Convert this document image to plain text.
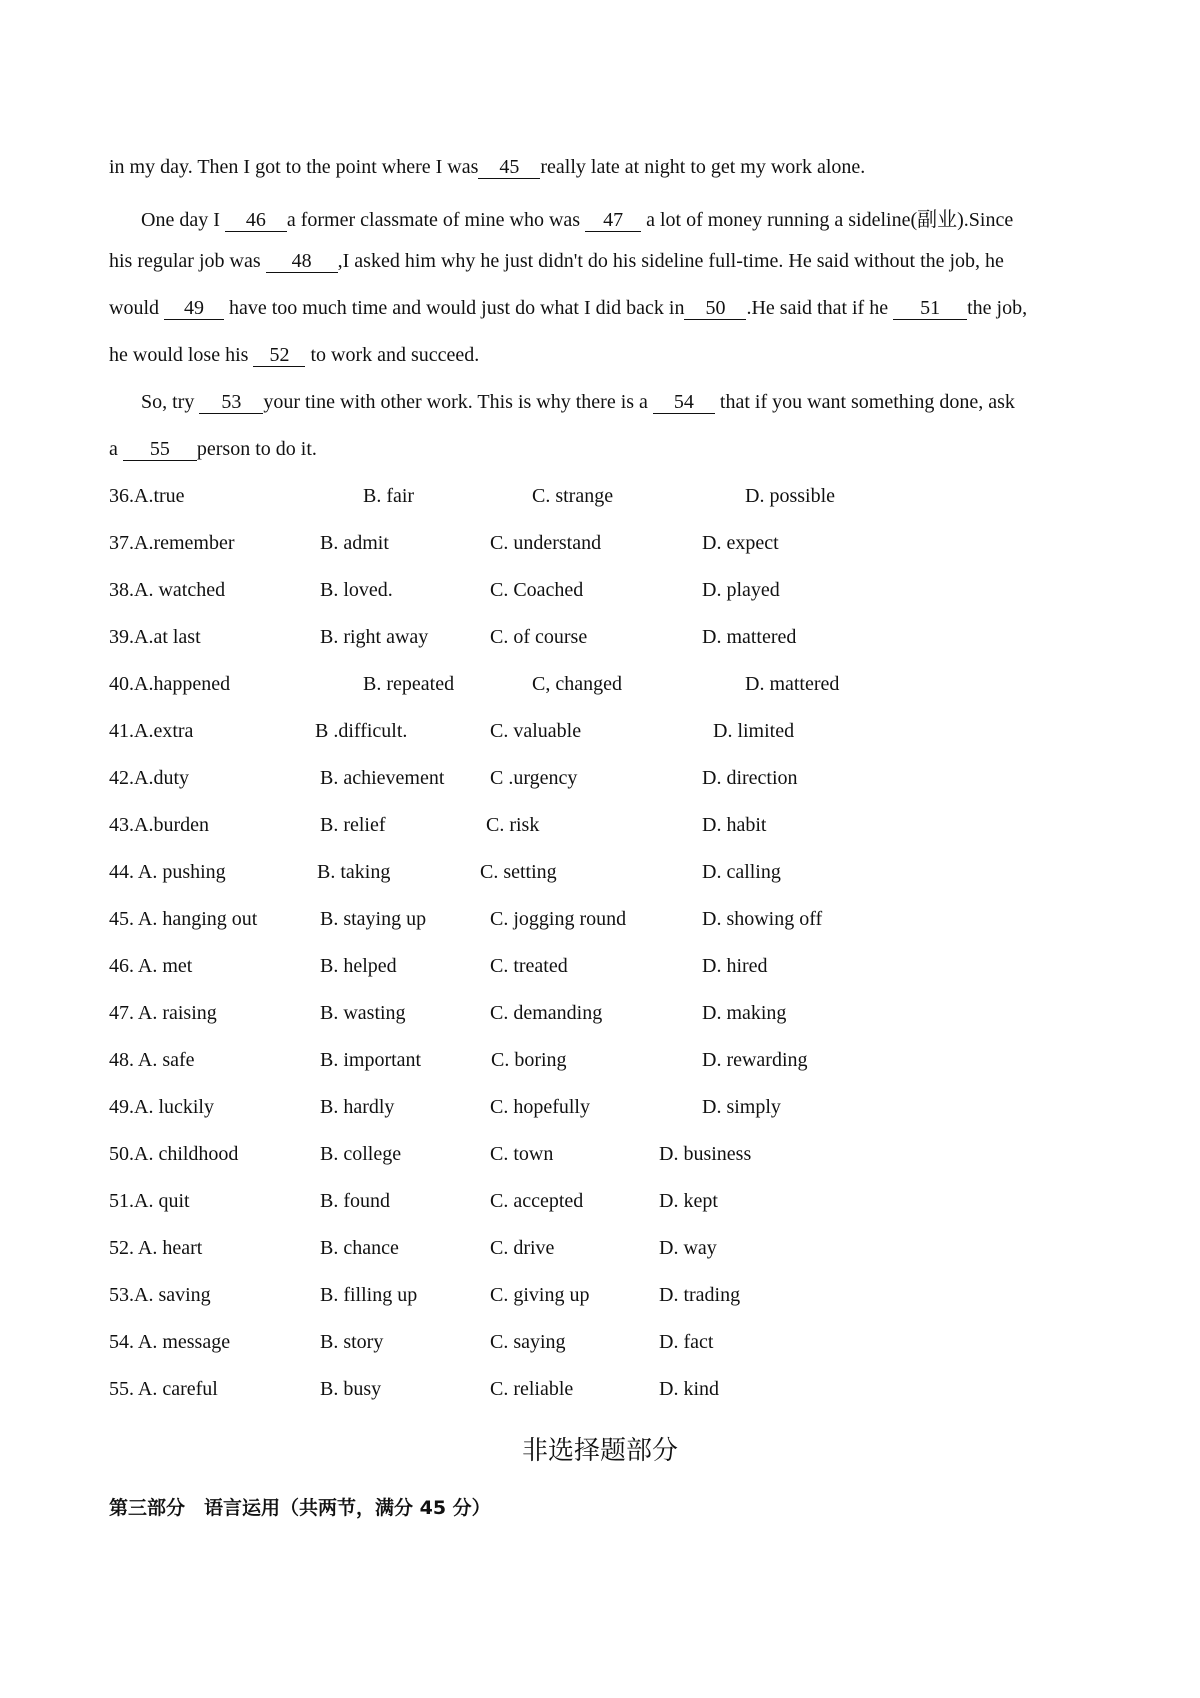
in my day. Then I got to the point where I was 45 really late at night to get my work alone.
One day I 46 a former classmate of mine who was 47 a lot of money running a sideline(副业).Since
his regular job was 48 ,I asked him why he just didn't do his sideline full-time. He said without the job, he
would 49 have too much time and would just do what I did back in 50 .He said that if he 51 the job,
he would lose his 52 to work and succeed.
So, try 53 your tine with other work. This is why there is a 54 that if you want something done, ask
a 55 person to do it.
36.A.true	B. fair	C. strange	D. possible
37.A.remember	B. admit	C. understand	D. expect
38.A. watched	B. loved.	C. Coached	D. played
39.A.at last	B. right away	C. of course	D. mattered
40.A.happened	B. repeated	C, changed	D. mattered
41.A.extra	B .difficult.	C. valuable	D. limited
42.A.duty	B. achievement C .urgency	D. direction
43.A.burden	B. relief	C. risk	D. habit
44. A. pushing	B. taking	C. setting	D. calling
45. A. hanging out	B. staying up	C. jogging round	D. showing off
46. A. met	B. helped	C. treated	D. hired
47. A. raising	B. wasting	C. demanding	D. making
48. A. safe	B. important	C. boring	D. rewarding
49.A. luckily	B. hardly	C. hopefully	D. simply
50.A. childhood	B. college	C. town	D. business
51.A. quit	B. found	C. accepted	D. kept
52. A. heart	B. chance	C. drive	D. way
53.A. saving	B. filling up	C. giving up	D. trading
54. A. message	B. story	C. saying	D. fact
55. A. careful	B. busy	C. reliable	D. kind
非选择题部分
第三部分　语言运用（共两节，满分 45 分）
